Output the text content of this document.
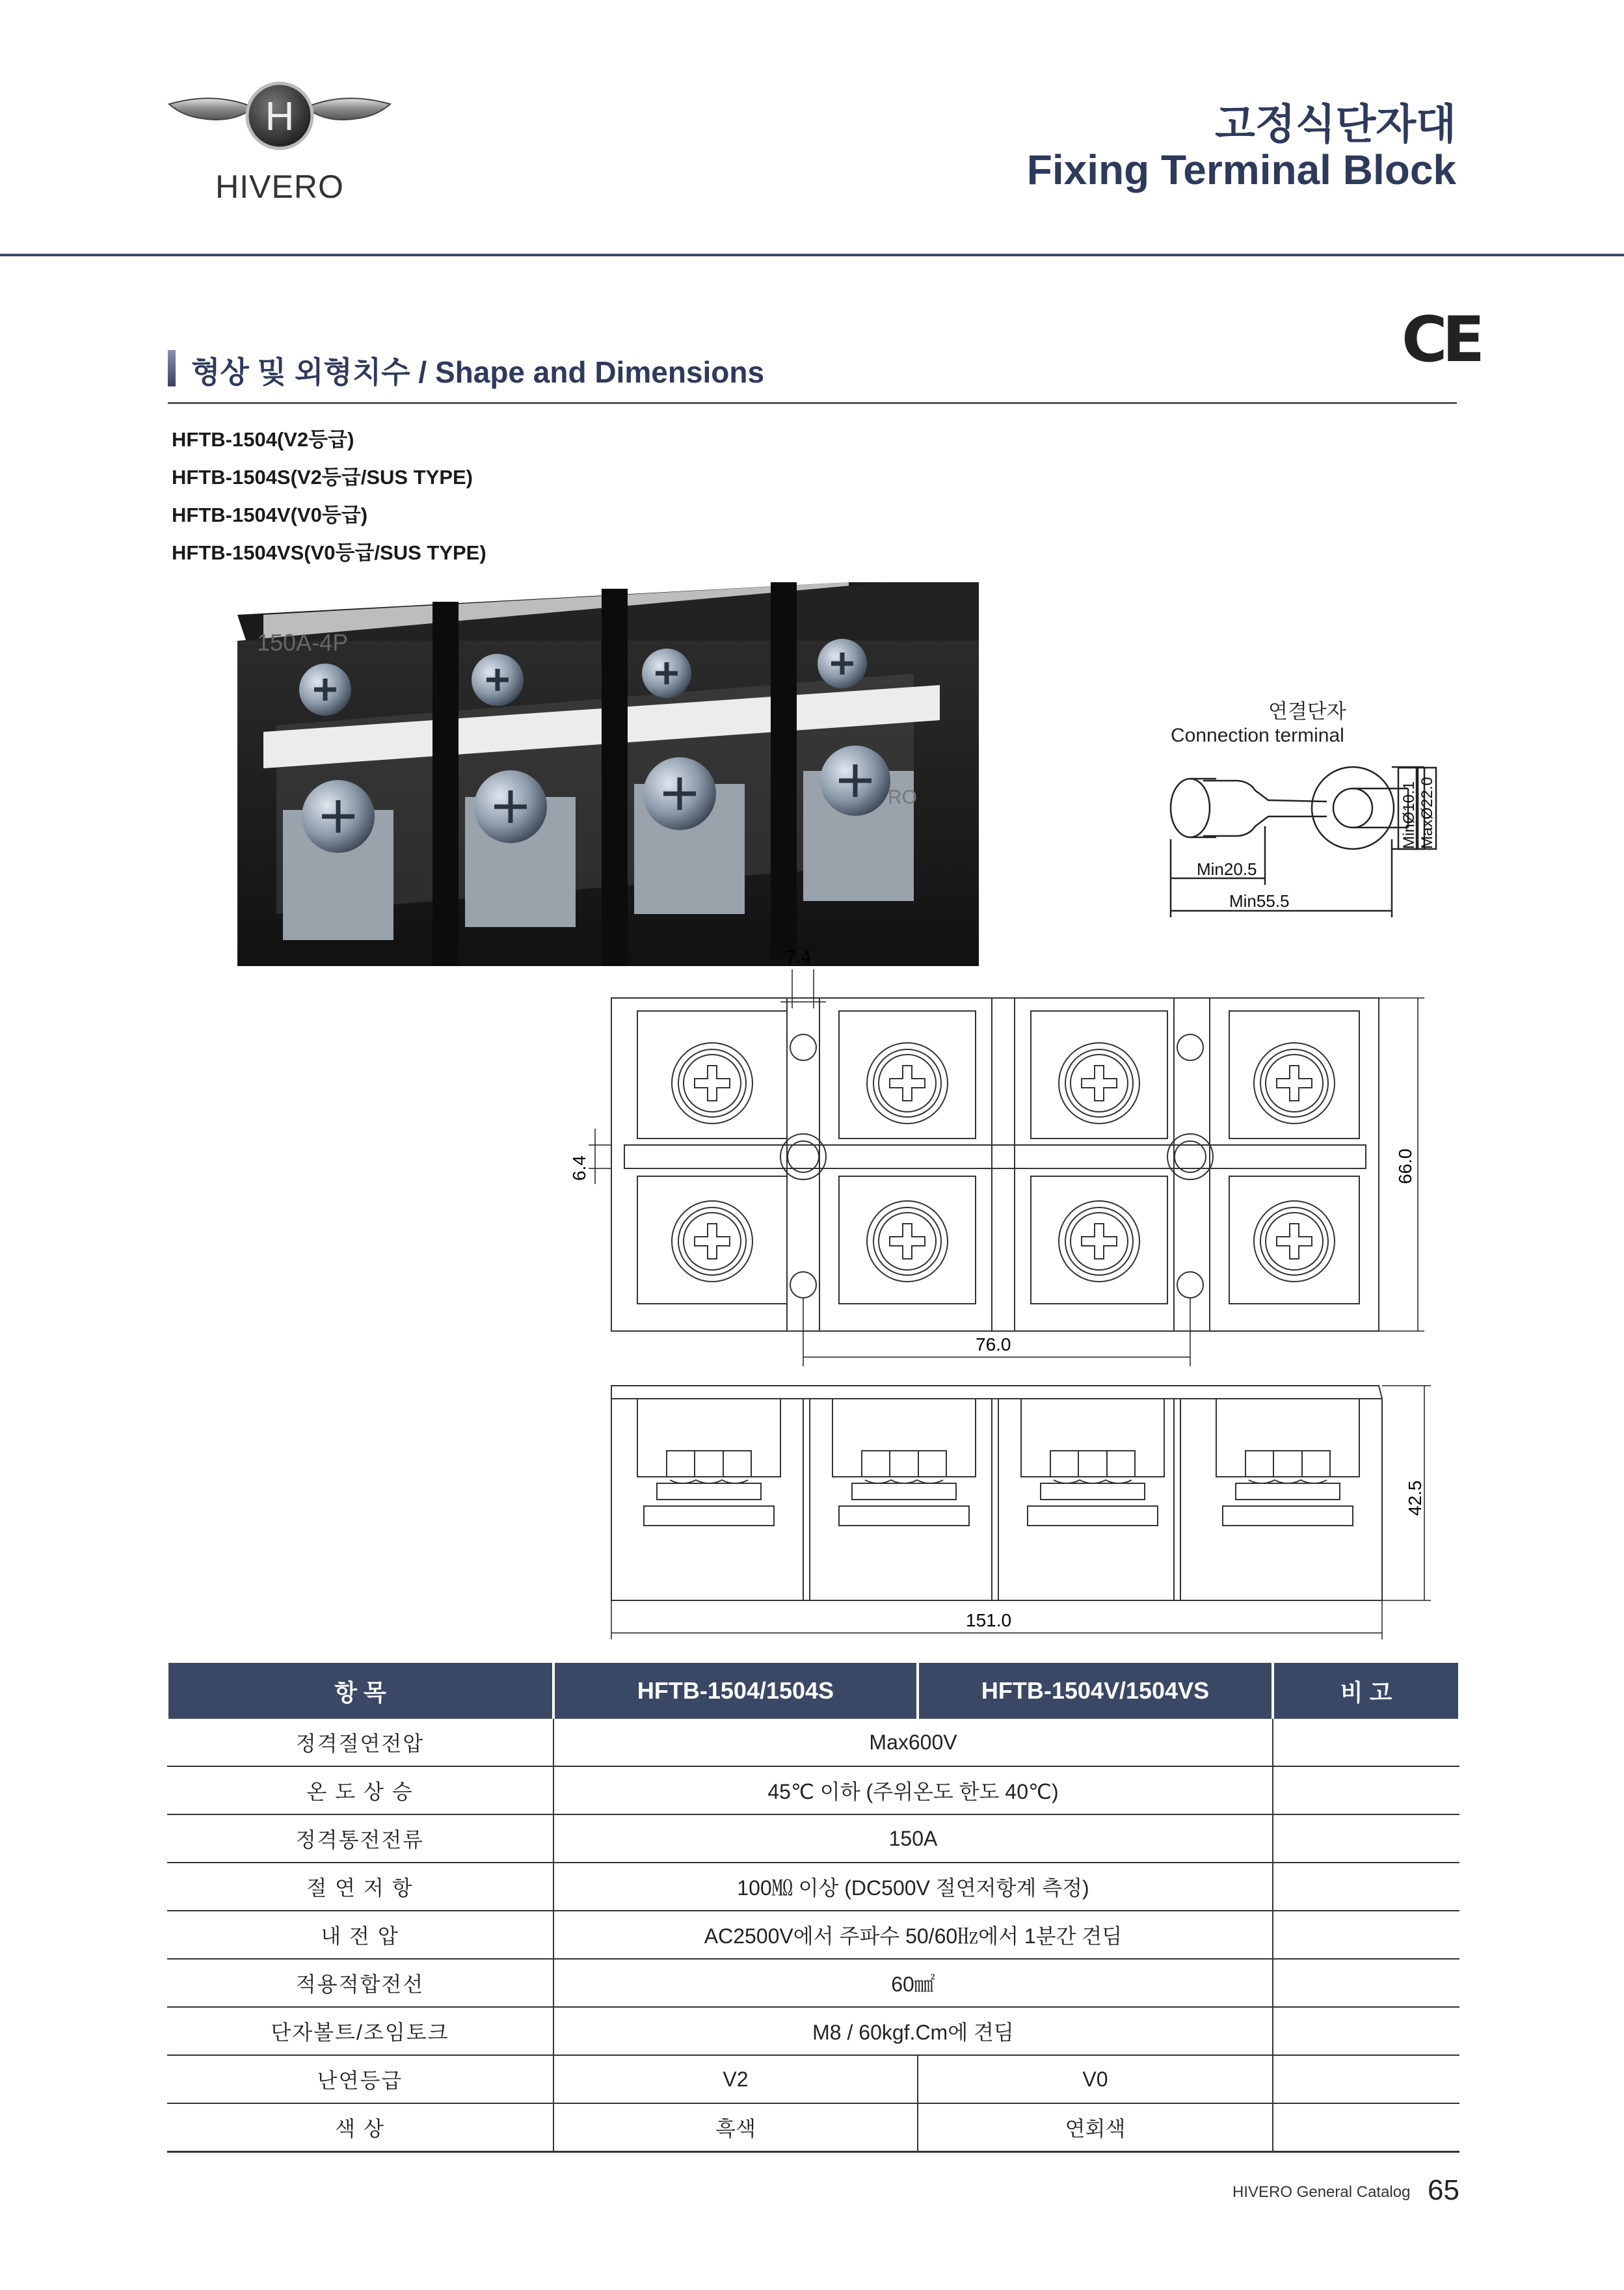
H
HIVERO
고정식단자대
Fixing Terminal Block
CE
형상 및 외형치수 / Shape and Dimensions
HFTB-1504(V2등급)
HFTB-1504S(V2등급/SUS TYPE)
HFTB-1504V(V0등급)
HFTB-1504VS(V0등급/SUS TYPE)
150A-4P
RO
연결단자
Connection terminal
Min20.5
Min55.5
MinØ10.1 MaxØ22.0
7.4
6.4	66.0
76.0
42.5
151.0
항 목	HFTB-1504/1504S	HFTB-1504V/1504VS	비 고
정격절연전압	Max600V		
온 도 상 승	45℃ 이하 (주위온도 한도 40℃)		
정격통전전류	150A		
절 연 저 항	100㏁ 이상 (DC500V 절연저항계 측정)		
내 전 압	AC2500V에서 주파수 50/60㎐에서 1분간 견딤		
적용적합전선	60㎟		
단자볼트/조임토크	M8 / 60kgf.Cm에 견딤		
난연등급	V2	V0	
색 상	흑색	연회색	
HIVERO General Catalog 65
